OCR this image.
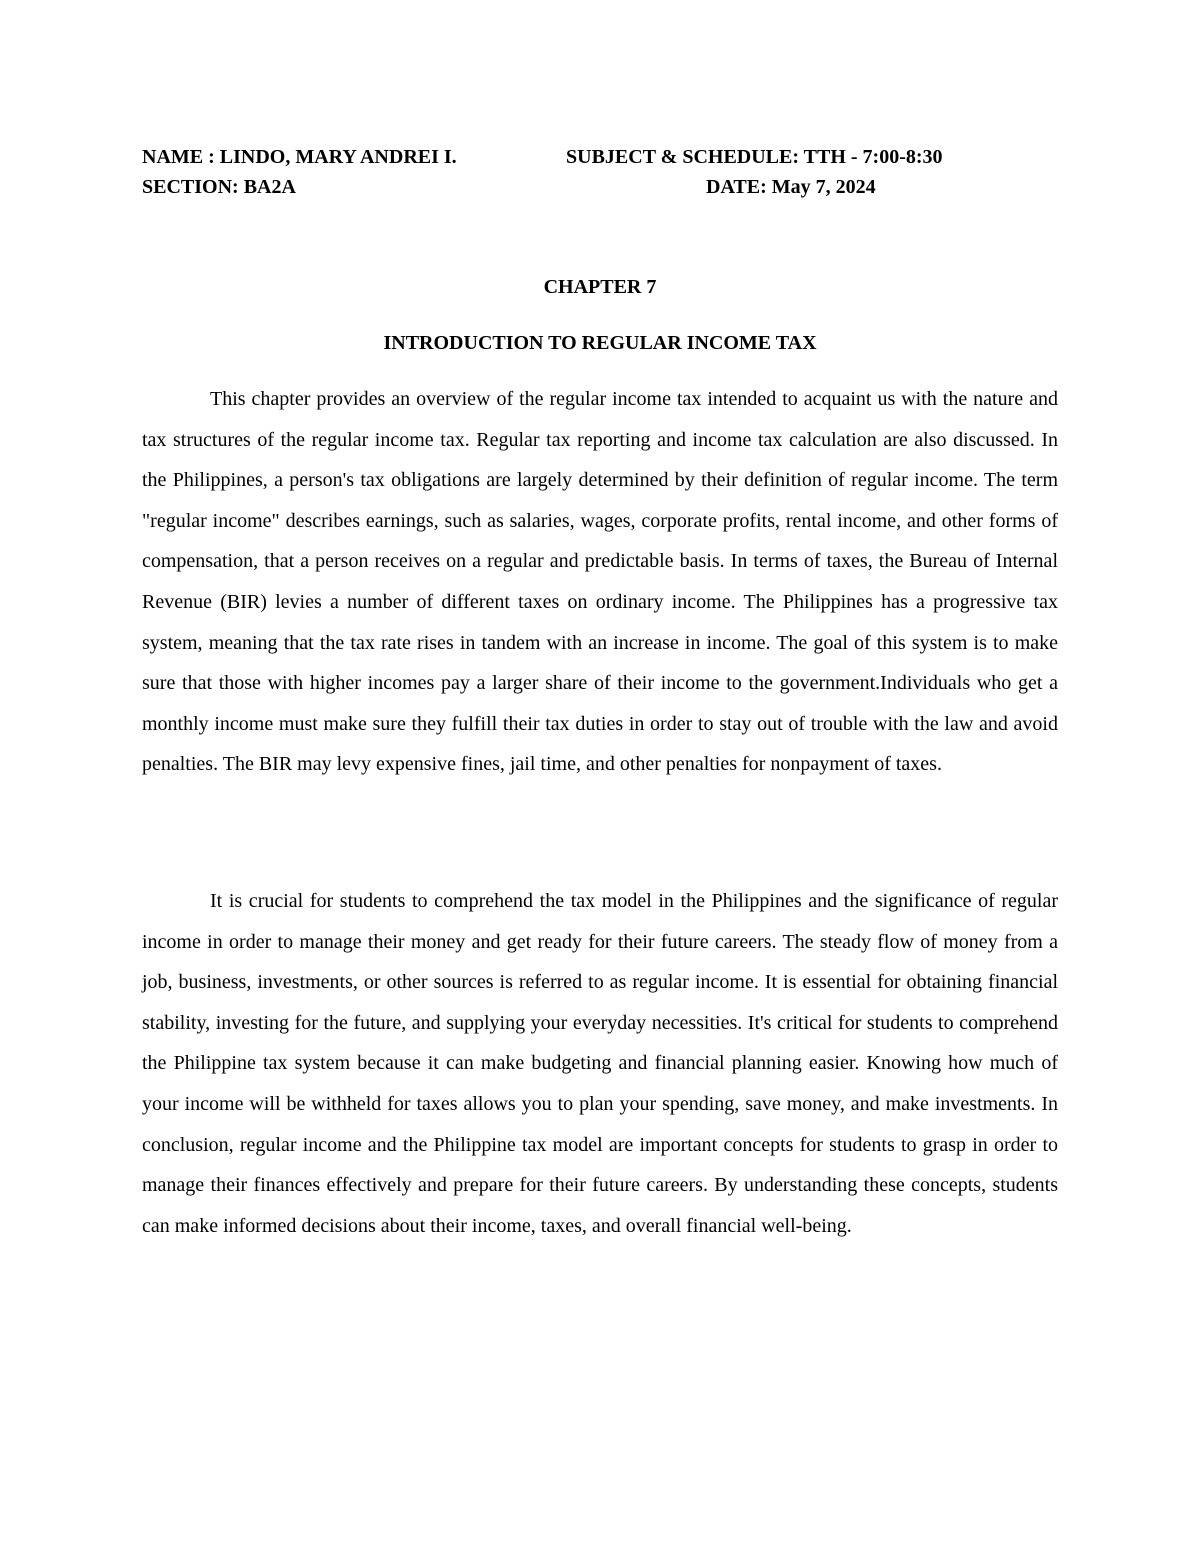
NAME : LINDO, MARY ANDREI I.	SUBJECT & SCHEDULE: TTH - 7:00-8:30
SECTION: BA2A	DATE: May 7, 2024
CHAPTER 7
INTRODUCTION TO REGULAR INCOME TAX

This chapter provides an overview of the regular income tax intended to acquaint us with the nature and tax structures of the regular income tax. Regular tax reporting and income tax calculation are also discussed. In the Philippines, a person's tax obligations are largely determined by their definition of regular income. The term "regular income" describes earnings, such as salaries, wages, corporate profits, rental income, and other forms of compensation, that a person receives on a regular and predictable basis. In terms of taxes, the Bureau of Internal Revenue (BIR) levies a number of different taxes on ordinary income. The Philippines has a progressive tax system, meaning that the tax rate rises in tandem with an increase in income. The goal of this system is to make sure that those with higher incomes pay a larger share of their income to the government.Individuals who get a monthly income must make sure they fulfill their tax duties in order to stay out of trouble with the law and avoid penalties. The BIR may levy expensive fines, jail time, and other penalties for nonpayment of taxes.

It is crucial for students to comprehend the tax model in the Philippines and the significance of regular income in order to manage their money and get ready for their future careers. The steady flow of money from a job, business, investments, or other sources is referred to as regular income. It is essential for obtaining financial stability, investing for the future, and supplying your everyday necessities. It's critical for students to comprehend the Philippine tax system because it can make budgeting and financial planning easier. Knowing how much of your income will be withheld for taxes allows you to plan your spending, save money, and make investments. In conclusion, regular income and the Philippine tax model are important concepts for students to grasp in order to manage their finances effectively and prepare for their future careers. By understanding these concepts, students can make informed decisions about their income, taxes, and overall financial well-being.
